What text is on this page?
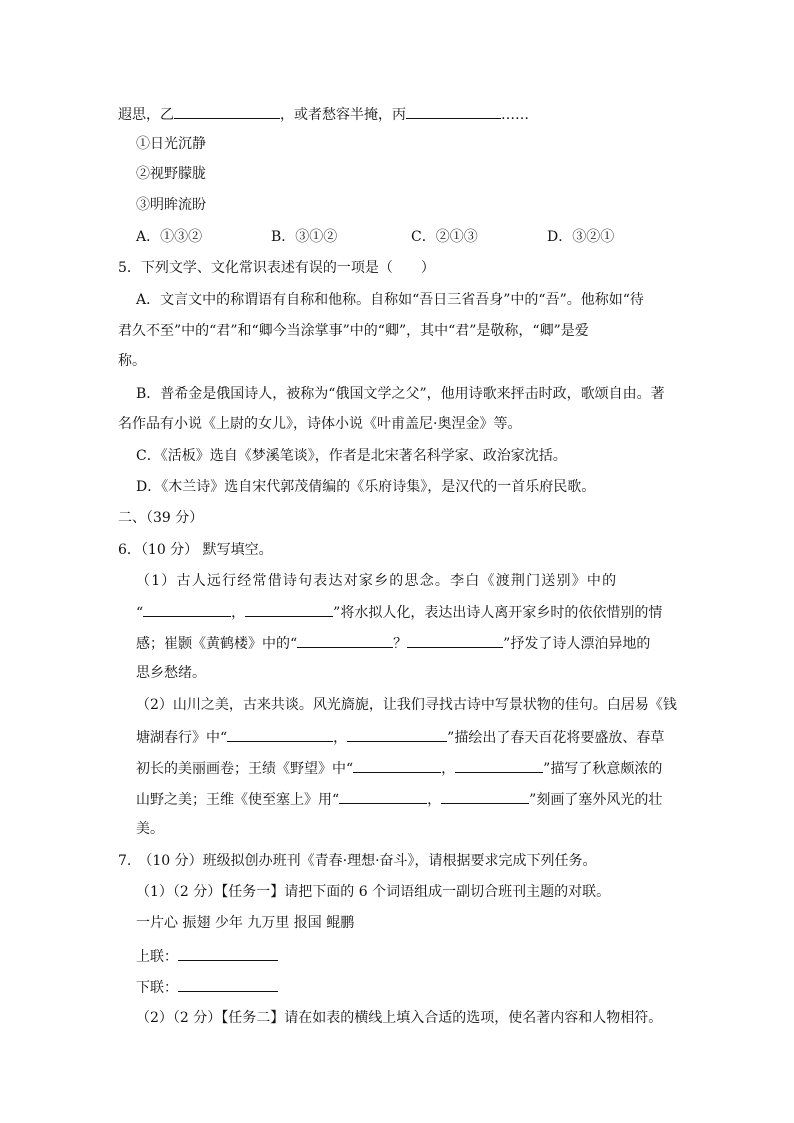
遐思，乙	，或者愁容半掩，丙	……
①日光沉静
②视野朦胧
③明眸流盼
A．①③②	B．③①②	C．②①③	D．③②①
5．下列文学、文化常识表述有误的一项是（　　）
A．文言文中的称谓语有自称和他称。自称如“吾日三省吾身”中的“吾”。他称如“待
君久不至”中的“君”和“卿今当涂掌事”中的“卿”，其中“君”是敬称，“卿”是爱
称。
B．普希金是俄国诗人，被称为“俄国文学之父”，他用诗歌来抨击时政，歌颂自由。著
名作品有小说《上尉的女儿》，诗体小说《叶甫盖尼·奥涅金》等。
C．《活板》选自《梦溪笔谈》，作者是北宋著名科学家、政治家沈括。
D．《木兰诗》选自宋代郭茂倩编的《乐府诗集》，是汉代的一首乐府民歌。
二、（39 分）
6．（10 分） 默写填空。
（1）古人远行经常借诗句表达对家乡的思念。李白《渡荆门送别》中的
“	，	”将水拟人化，表达出诗人离开家乡时的依依惜别的情
感；崔颢《黄鹤楼》中的“	？	”抒发了诗人漂泊异地的
思乡愁绪。
（2）山川之美，古来共谈。风光旖旎，让我们寻找古诗中写景状物的佳句。白居易《钱
塘湖春行》中“	，	”描绘出了春天百花将要盛放、春草
初长的美丽画卷；王绩《野望》中“	，	”描写了秋意颇浓的
山野之美；王维《使至塞上》用“	，	”刻画了塞外风光的壮
美。
7.　（10 分）班级拟创办班刊《青春·理想·奋斗》，请根据要求完成下列任务。
（1）（2 分）【任务一】请把下面的 6 个词语组成一副切合班刊主题的对联。
一片心 振翅 少年 九万里 报国 鲲鹏
上联：
下联：
（2）（2 分）【任务二】请在如表的横线上填入合适的选项，使名著内容和人物相符。
